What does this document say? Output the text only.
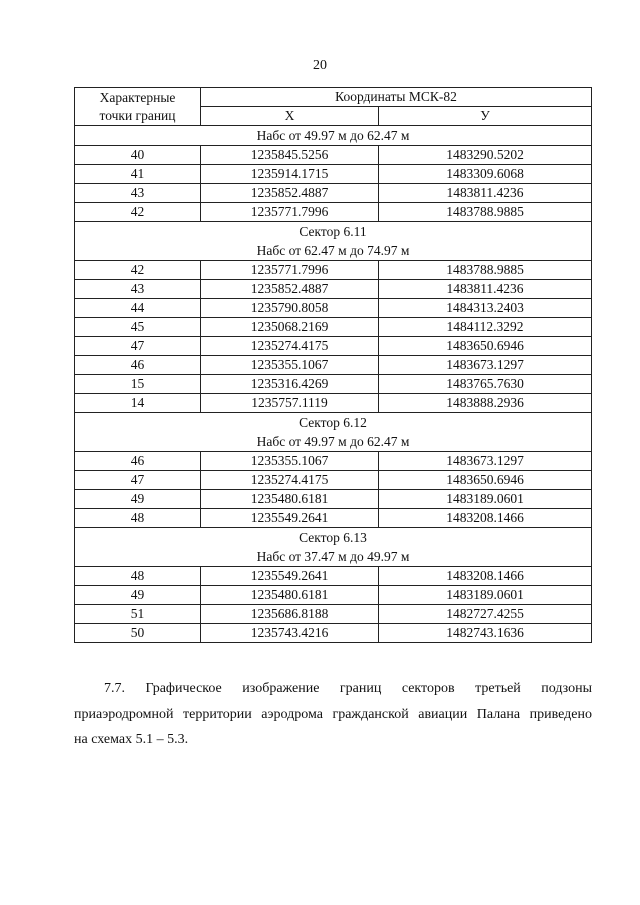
20
Характерные
точки границ	Координаты МСК-82	
	Х	У

Набс от 49.97 м до 62.47 м		

40	1235845.5256	1483290.5202
41	1235914.1715	1483309.6068
43	1235852.4887	1483811.4236
42	1235771.7996	1483788.9885

Сектор 6.11
Набс от 62.47 м до 74.97 м		

42	1235771.7996	1483788.9885
43	1235852.4887	1483811.4236
44	1235790.8058	1484313.2403
45	1235068.2169	1484112.3292
47	1235274.4175	1483650.6946
46	1235355.1067	1483673.1297
15	1235316.4269	1483765.7630
14	1235757.1119	1483888.2936

Сектор 6.12
Набс от 49.97 м до 62.47 м		

46	1235355.1067	1483673.1297
47	1235274.4175	1483650.6946
49	1235480.6181	1483189.0601
48	1235549.2641	1483208.1466

Сектор 6.13
Набс от 37.47 м до 49.97 м		

48	1235549.2641	1483208.1466
49	1235480.6181	1483189.0601
51	1235686.8188	1482727.4255
50	1235743.4216	1482743.1636
7.7. Графическое изображение границ секторов третьей подзоны
приаэродромной территории аэродрома гражданской авиации Палана приведено
на схемах 5.1 – 5.3.
